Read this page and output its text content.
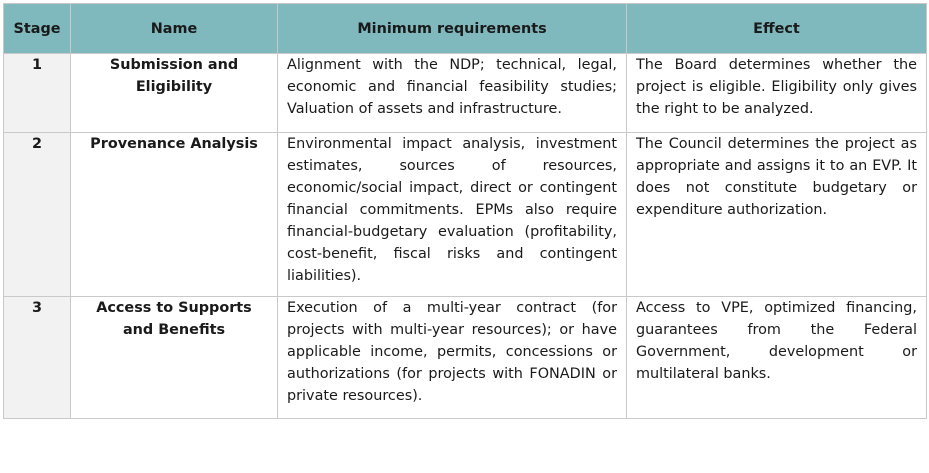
Stage	Name	Minimum requirements	Effect
1	Submission and Eligibility	Alignment with the NDP; technical, legal, economic and financial feasibility studies; Valuation of assets and infrastructure.	The Board determines whether the project is eligible. Eligibility only gives the right to be analyzed.
2	Provenance Analysis	Environmental impact analysis, investment estimates, sources of resources, economic/social impact, direct or contingent financial commitments. EPMs also require financial-budgetary evaluation (profitability, cost-benefit, fiscal risks and contingent liabilities).	The Council determines the project as appropriate and assigns it to an EVP. It does not constitute budgetary or expenditure authorization.
3	Access to Supports and Benefits	Execution of a multi-year contract (for projects with multi-year resources); or have applicable income, permits, concessions or authorizations (for projects with FONADIN or private resources).	Access to VPE, optimized financing, guarantees from the Federal Government, development or multilateral banks.
